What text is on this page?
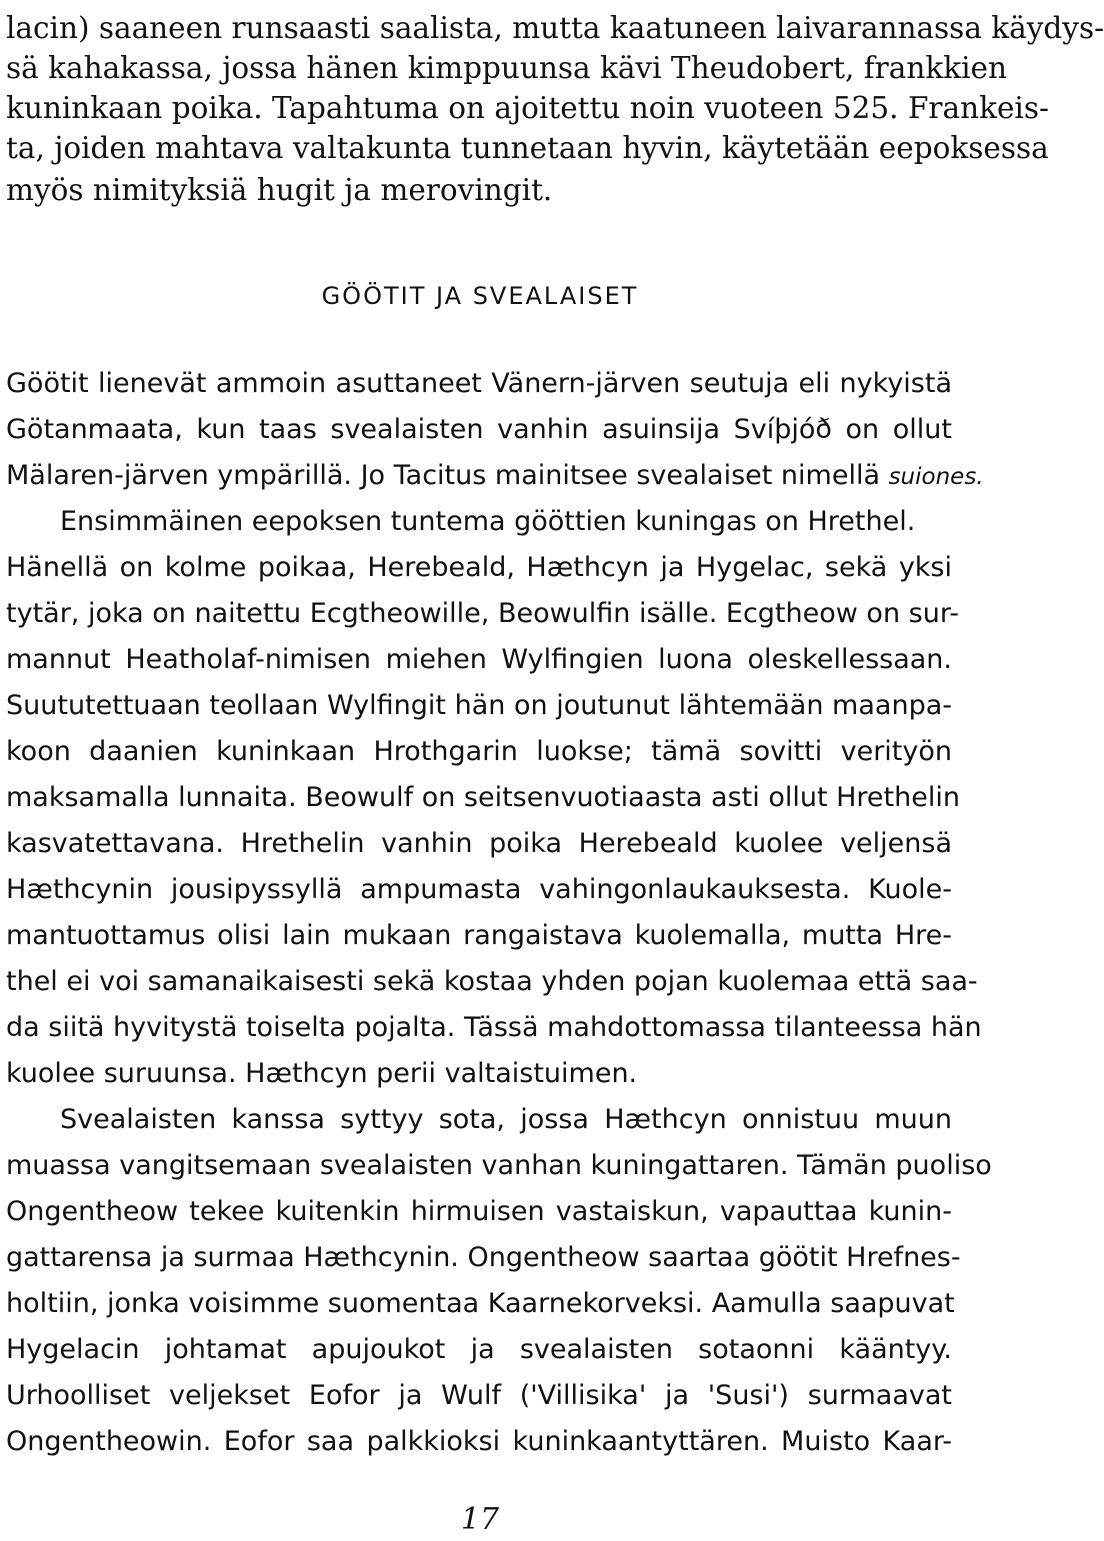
lacin) saaneen runsaasti saalista, mutta kaatuneen laivarannassa käydys-
sä kahakassa, jossa hänen kimppuunsa kävi Theudobert, frankkien
kuninkaan poika. Tapahtuma on ajoitettu noin vuoteen 525. Frankeis-
ta, joiden mahtava valtakunta tunnetaan hyvin, käytetään eepoksessa
myös nimityksiä hugit ja merovingit.
GÖÖTIT JA SVEALAISET
Göötit lienevät ammoin asuttaneet Vänern-järven seutuja eli nykyistä
Götanmaata, kun taas svealaisten vanhin asuinsija Svíþjóð on ollut
Mälaren-järven ympärillä. Jo Tacitus mainitsee svealaiset nimellä suiones.
Ensimmäinen eepoksen tuntema gööttien kuningas on Hrethel.
Hänellä on kolme poikaa, Herebeald, Hæthcyn ja Hygelac, sekä yksi
tytär, joka on naitettu Ecgtheowille, Beowulfin isälle. Ecgtheow on sur-
mannut Heatholaf-nimisen miehen Wylfingien luona oleskellessaan.
Suututettuaan teollaan Wylfingit hän on joutunut lähtemään maanpa-
koon daanien kuninkaan Hrothgarin luokse; tämä sovitti verityön
maksamalla lunnaita. Beowulf on seitsenvuotiaasta asti ollut Hrethelin
kasvatettavana. Hrethelin vanhin poika Herebeald kuolee veljensä
Hæthcynin jousipyssyllä ampumasta vahingonlaukauksesta. Kuole-
mantuottamus olisi lain mukaan rangaistava kuolemalla, mutta Hre-
thel ei voi samanaikaisesti sekä kostaa yhden pojan kuolemaa että saa-
da siitä hyvitystä toiselta pojalta. Tässä mahdottomassa tilanteessa hän
kuolee suruunsa. Hæthcyn perii valtaistuimen.
Svealaisten kanssa syttyy sota, jossa Hæthcyn onnistuu muun
muassa vangitsemaan svealaisten vanhan kuningattaren. Tämän puoliso
Ongentheow tekee kuitenkin hirmuisen vastaiskun, vapauttaa kunin-
gattarensa ja surmaa Hæthcynin. Ongentheow saartaa göötit Hrefnes-
holtiin, jonka voisimme suomentaa Kaarnekorveksi. Aamulla saapuvat
Hygelacin johtamat apujoukot ja svealaisten sotaonni kääntyy.
Urhoolliset veljekset Eofor ja Wulf ('Villisika' ja 'Susi') surmaavat
Ongentheowin. Eofor saa palkkioksi kuninkaantyttären. Muisto Kaar-
17
